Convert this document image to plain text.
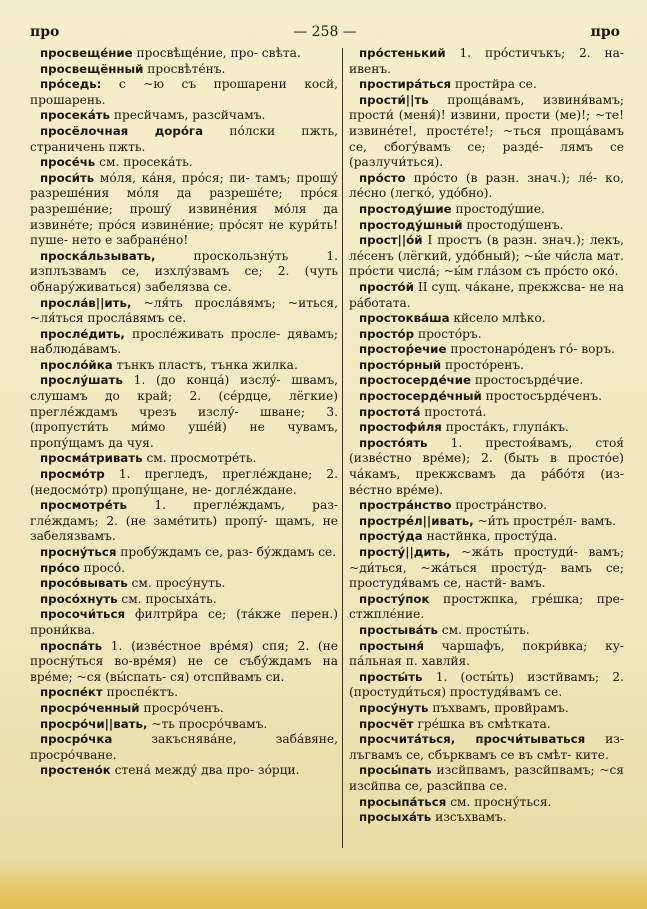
— 258 —
про	про

просвеще́ние просвѣще́ние, про- свѣта.

просвещённый просвѣте́нъ.

про́седь: с ~ю съ прошарени косй, прошарень.

просека́ть пресйчамъ, разсйчамъ.

просёлочная доро́га по́лски пжть, страничень пжть.

просе́чь см. просека́ть.

проси́ть мо́ля, ка́ня, про́ся; пи- тамъ; прошу́ разреше́ния мо́ля да разреше́те; про́ся разреше́ние; прошу́ извине́ния мо́ля да извине́те; про́ся извине́ние; про́сят не кури́ть! пуше- нето е забране́но!

проска́льзывать, проскользну́ть 1. изплъзвамъ се, изхлу́звамъ се; 2. (чуть обнару́живаться) забелязва се.

просла́в||ить, ~ля́ть просла́вямъ; ~иться, ~ля́ться просла́вямъ се.

просле́дить, просле́живать просле- дявамъ; наблюда́вамъ.

просло́йка тънкъ пластъ, тънка жилка.

прослу́шать 1. (до конца́) изслу́- швамъ, слушамъ до край; 2. (се́рдце, лёгкие) прегле́ждамъ чрезъ изслу́- шване; 3. (пропусти́ть ми́мо уше́й) не чувамъ, пропу́щамъ да чуя.

просма́тривать см. просмотре́ть.

просмо́тр 1. прегледъ, прегле́ждане; 2. (недосмо́тр) пропу́щане, не- догле́ждане.

просмотре́ть 1. прегле́ждамъ, раз- гле́ждамъ; 2. (не заме́тить) пропу́- щамъ, не забелязвамъ.

просну́ться пробу́ждамъ се, раз- бу́ждамъ се.

про́со просо́.

просо́вывать см. просу́нуть.

просо́хнуть см. просыха́ть.

просочи́ться филтрйра се; (та́кже перен.) прони́ква.

проспа́ть 1. (изве́стное вре́мя) спя; 2. (не просну́ться во-вре́мя) не се събу́ждамъ на вре́ме; ~ся (вы́спать- ся) отспйвамъ си.

проспе́кт проспе́ктъ.

просро́ченный просро́ченъ.

просро́чи||вать, ~ть просро́чвамъ.

просро́чка закъснява́не, заба́вяне, просро́чване.

простено́к стена́ между́ два про- зо́рци.

про́стенький 1. про́стичъкъ; 2. на- ивенъ.

простира́ться простйра се.

прости́||ть проща́вамъ, извиня́вамъ; прости́ (меня́)! извини, прости (ме)!; ~те! извине́те!, прoсте́те!; ~ться проща́вамъ се, сбогу́вамъ се; разде́- лямъ се (разлучи́ться).

про́сто про́сто (в разн. знач.); ле́- ко, ле́сно (легко́, удо́бно).

простоду́шие простоду́шие.

простоду́шный простоду́шенъ.

прост||о́й I простъ (в разн. знач.); лекъ, ле́сенъ (лёгкий, удо́бный); ~ы́е чи́сла мат. про́сти числа́; ~ы́м гла́зом съ про́сто око́.

просто́й II сущ. ча́кане, прекжсва- не на ра́ботата.

простоква́ша кйсело млѣко.

просто́р просто́ръ.

простор́ечие простонаро́денъ го́- воръ.

просто́рный просто́ренъ.

простосерде́чие простосърде́чие.

простосерде́чный простосърде́ченъ.

простота́ простота́.

простофи́ля проста́къ, глупа́къ.

просто́ять 1. престоя́вамъ, стоя́ (изве́стно вре́ме); 2. (быть в просто́е) ча́камъ, прекжсвамъ да ра́бо́тя (из- ве́стно вре́ме).

простра́нство простра́нство.

простре́л||ивать, ~и́ть простре́л- вамъ.

просту́да настйнка, просту́да.

просту́||дить, ~жа́ть простуди́- вамъ; ~ди́ться, ~жа́ться просту́д- вамъ се; простудя́вамъ се, настй- вамъ.

просту́пок простжпка, гре́шка; прe- стжпле́ние.

простыва́ть см. просты́ть.

простыня́ чаршафъ, покри́вка; ку- па́льная п. хавлйя.

просты́ть 1. (осты́ть) изстйвамъ; 2. (простуди́ться) простудя́вамъ се.

просу́нуть пъхвамъ, провйрамъ.

просчёт гре́шка въ смѣтката.

просчита́ться, просчи́тываться из- лъгвамъ се, сбърквамъ се въ смѣт- ките.

просы́пать изсйпвамъ, разсйпвамъ; ~ся изсйпва се, разсйпва се.

просыпа́ться см. просну́ться.

просыха́ть изсъхвамъ.
